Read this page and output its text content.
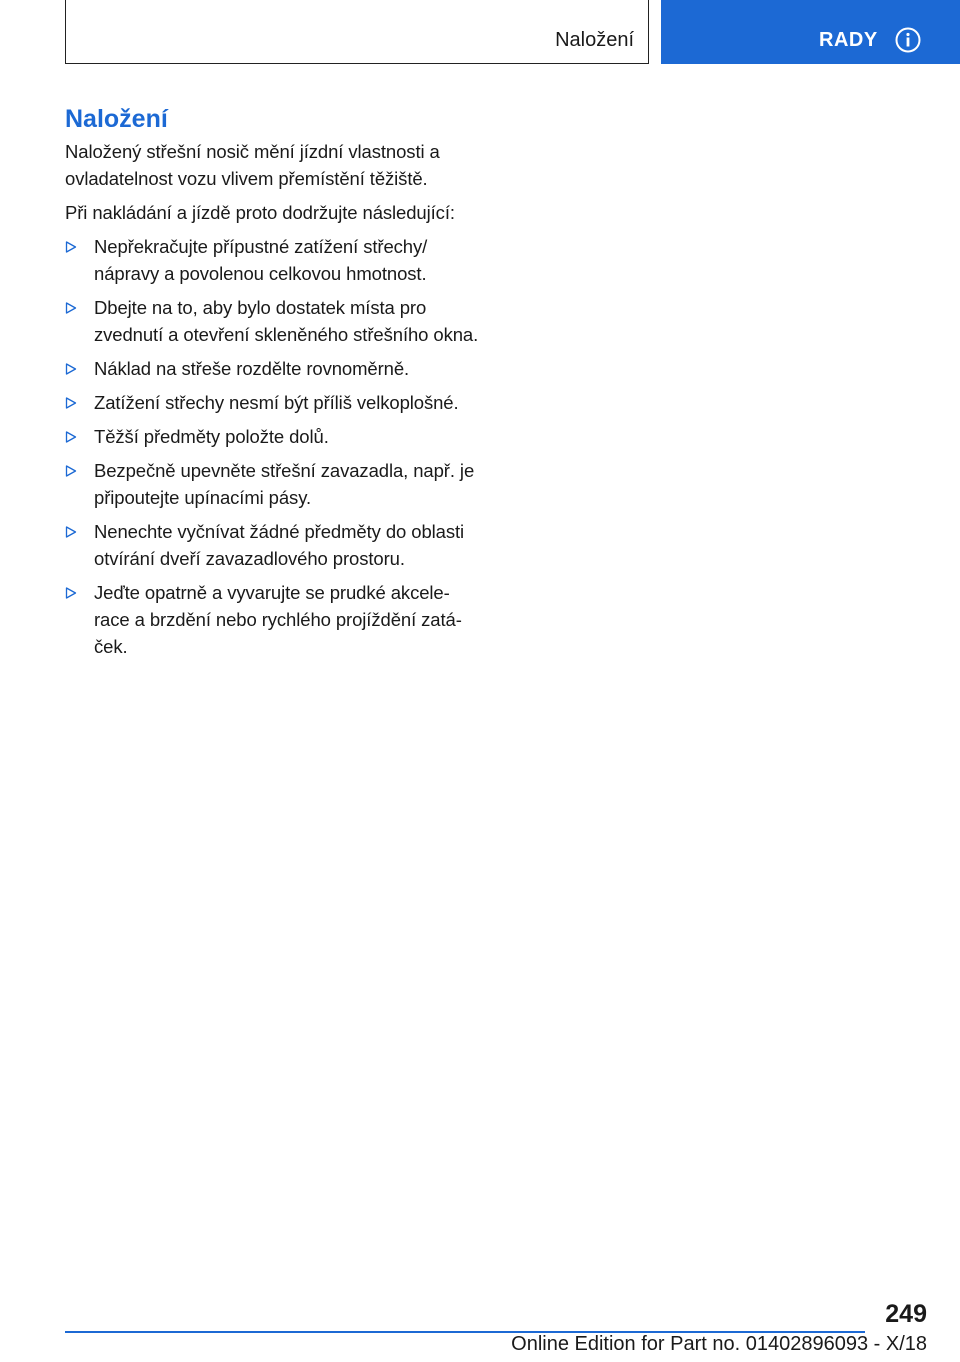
Naložení	RADY
Naložení

Naložený střešní nosič mění jízdní vlastnosti a ovladatelnost vozu vlivem přemístění těžiště.

Při nakládání a jízdě proto dodržujte následující:

Nepřekračujte přípustné zatížení střechy/ nápravy a povolenou celkovou hmotnost.
Dbejte na to, aby bylo dostatek místa pro zvednutí a otevření skleněného střešního okna.
Náklad na střeše rozdělte rovnoměrně.
Zatížení střechy nesmí být příliš velkoplošné.
Těžší předměty položte dolů.
Bezpečně upevněte střešní zavazadla, např. je připoutejte upínacími pásy.
Nenechte vyčnívat žádné předměty do oblasti otvírání dveří zavazadlového prostoru.
Jeďte opatrně a vyvarujte se prudké akcele-race a brzdění nebo rychlého projíždění zatá-ček.
249
Online Edition for Part no. 01402896093 - X/18
